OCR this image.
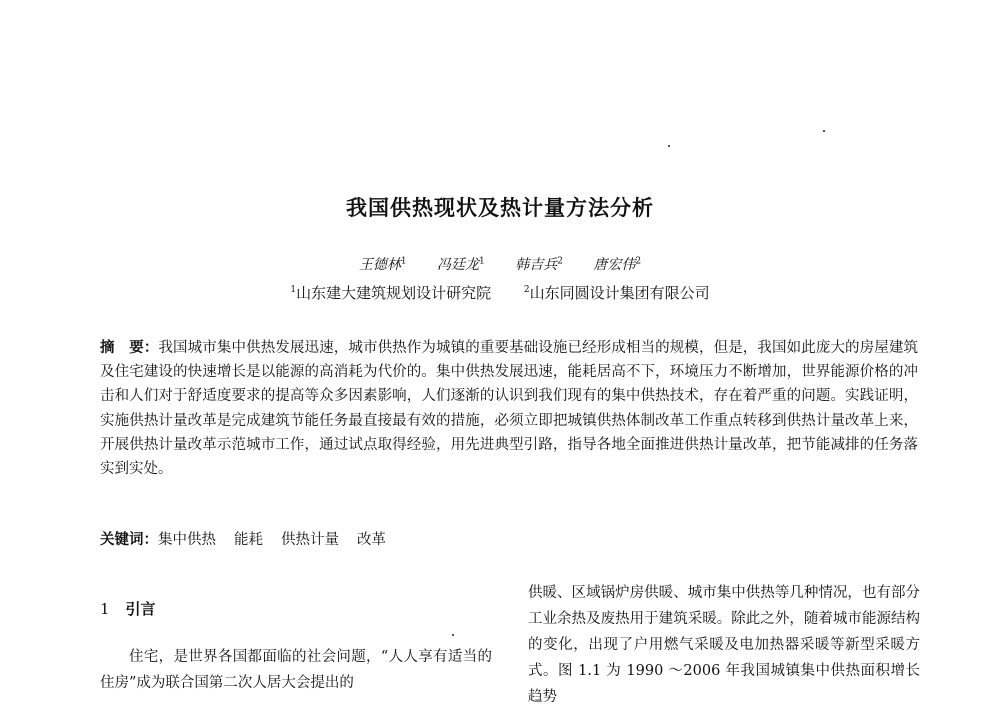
我国供热现状及热计量方法分析
王德林$^1$ 冯廷龙$^1$ 韩吉兵$^2$ 唐宏伟$^2$
$^1$山东建大建筑规划设计研究院	$^2$山东同圆设计集团有限公司
摘　要：我国城市集中供热发展迅速，城市供热作为城镇的重要基础设施已经形成相当的规模，但是，我国如此庞大的房屋建筑及住宅建设的快速增长是以能源的高消耗为代价的。集中供热发展迅速，能耗居高不下，环境压力不断增加，世界能源价格的冲击和人们对于舒适度要求的提高等众多因素影响，人们逐渐的认识到我们现有的集中供热技术，存在着严重的问题。实践证明，实施供热计量改革是完成建筑节能任务最直接最有效的措施，必须立即把城镇供热体制改革工作重点转移到供热计量改革上来，开展供热计量改革示范城市工作，通过试点取得经验，用先进典型引路，指导各地全面推进供热计量改革，把节能减排的任务落实到实处。
关键词：集中供热 能耗 供热计量 改革
1 引言

住宅，是世界各国都面临的社会问题，“人人享有适当的住房”成为联合国第二次人居大会提出的

供暖、区域锅炉房供暖、城市集中供热等几种情况，也有部分工业余热及废热用于建筑采暖。除此之外，随着城市能源结构的变化，出现了户用燃气采暖及电加热器采暖等新型采暖方式。图 1.1 为 1990 ～2006 年我国城镇集中供热面积增长趋势
